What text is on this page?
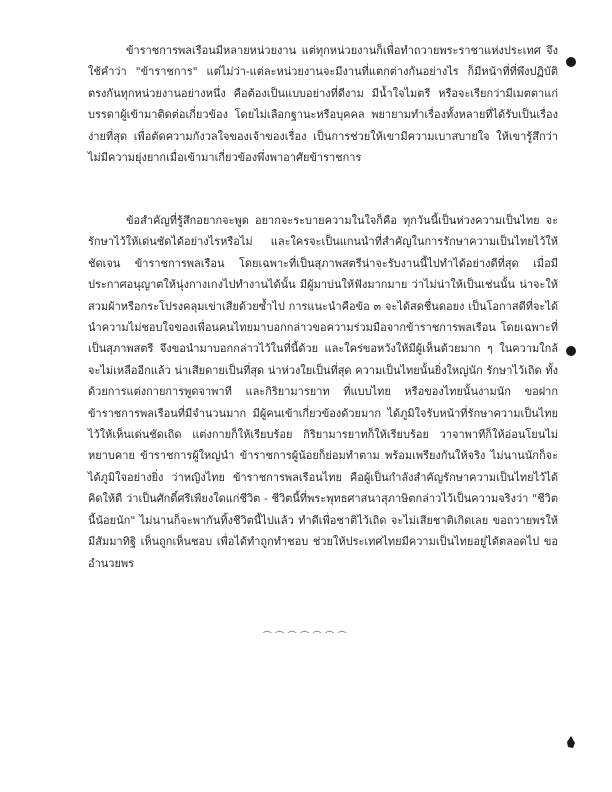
ข้าราชการพลเรือนมีหลายหน่วยงาน แต่ทุกหน่วยงานก็เพื่อทำถวายพระราชาแห่งประเทศ จึงใช้คำว่า "ข้าราชการ" แต่ไม่ว่า-แต่ละหน่วยงานจะมีงานที่แตกต่างกันอย่างไร ก็มีหน้าที่ที่พึงปฏิบัติตรงกันทุกหน่วยงานอย่างหนึ่ง คือต้องเป็นแบบอย่างที่ดีงาม มีน้ำใจไมตรี หรือจะเรียกว่ามีเมตตาแก่บรรดาผู้เข้ามาติดต่อเกี่ยวข้อง โดยไม่เลือกฐานะหรือบุคคล พยายามทำเรื่องทั้งหลายที่ได้รับเป็นเรื่องง่ายที่สุด เพื่อตัดความกังวลใจของเจ้าของเรื่อง เป็นการช่วยให้เขามีความเบาสบายใจ ให้เขารู้สึกว่าไม่มีความยุ่งยากเมื่อเข้ามาเกี่ยวข้องพึ่งพาอาศัยข้าราชการ

ข้อสำคัญที่รู้สึกอยากจะพูด อยากจะระบายความในใจก็คือ ทุกวันนี้เป็นห่วงความเป็นไทย จะรักษาไว้ให้เด่นชัดได้อย่างไรหรือไม่ และใครจะเป็นแกนนำที่สำคัญในการรักษาความเป็นไทยไว้ให้ชัดเจน ข้าราชการพลเรือน โดยเฉพาะที่เป็นสุภาพสตรีน่าจะรับงานนี้ไปทำได้อย่างดีที่สุด เมื่อมีประกาศอนุญาตให้นุ่งกางเกงไปทำงานได้นั้น มีผู้มาบ่นให้ฟังมากมาย ว่าไม่น่าให้เป็นเช่นนั้น น่าจะให้สวมผ้าหรือกระโปรงคลุมเข่าเสียด้วยซ้ำไป การแนะนำคือข้อ ๓ จะได้สดชื่นดอยง เป็นโอกาสดีที่จะได้นำความไม่ชอบใจของเพื่อนคนไทยมาบอกกล่าวขอความร่วมมือจากข้าราชการพลเรือน โดยเฉพาะที่เป็นสุภาพสตรี จึงขอนำมาบอกกล่าวไว้ในที่นี้ด้วย และใคร่ขอหวังให้มีผู้เห็นด้วยมาก ๆ ในความใกล้จะไม่เหลืออีกแล้ว น่าเสียดายเป็นที่สุด น่าห่วงใยเป็นที่สุด ความเป็นไทยนั้นยิ่งใหญ่นัก รักษาไว้เถิด ทั้งด้วยการแต่งกายการพูดจาพาที และกิริยามารยาท ที่แบบไทย หรือของไทยนั้นงามนัก ขอฝากข้าราชการพลเรือนที่มีจำนวนมาก มีผู้คนเข้าเกี่ยวข้องด้วยมาก ได้ภูมิใจรับหน้าที่รักษาความเป็นไทยไว้ให้เห็นเด่นชัดเถิด แต่งกายก็ให้เรียบร้อย กิริยามารยาทก็ให้เรียบร้อย วาจาพาทีก็ให้อ่อนโยนไม่หยาบคาย ข้าราชการผู้ใหญ่นำ ข้าราชการผู้น้อยก็ย่อมทำตาม พร้อมเพรียงกันให้จริง ไม่นานนักก็จะได้ภูมิใจอย่างยิ่ง ว่าหญิงไทย ข้าราชการพลเรือนไทย คือผู้เป็นกำลังสำคัญรักษาความเป็นไทยไว้ได้ คิดให้ดี ว่าเป็นศักดิ์ศรีเพียงใดแก่ชีวิต - ชีวิตนี้ที่พระพุทธศาสนาสุภาษิตกล่าวไว้เป็นความจริงว่า "ชีวิตนี้น้อยนัก" ไม่นานก็จะพากันทิ้งชีวิตนี้ไปแล้ว ทำดีเพื่อชาติไว้เถิด จะไม่เสียชาติเกิดเลย ขอถวายพรให้มีสัมมาทิฐิ เห็นถูกเห็นชอบ เพื่อได้ทำถูกทำชอบ ช่วยให้ประเทศไทยมีความเป็นไทยอยู่ได้ตลอดไป ขออำนวยพร

෴෴෴෴෴෴෴
